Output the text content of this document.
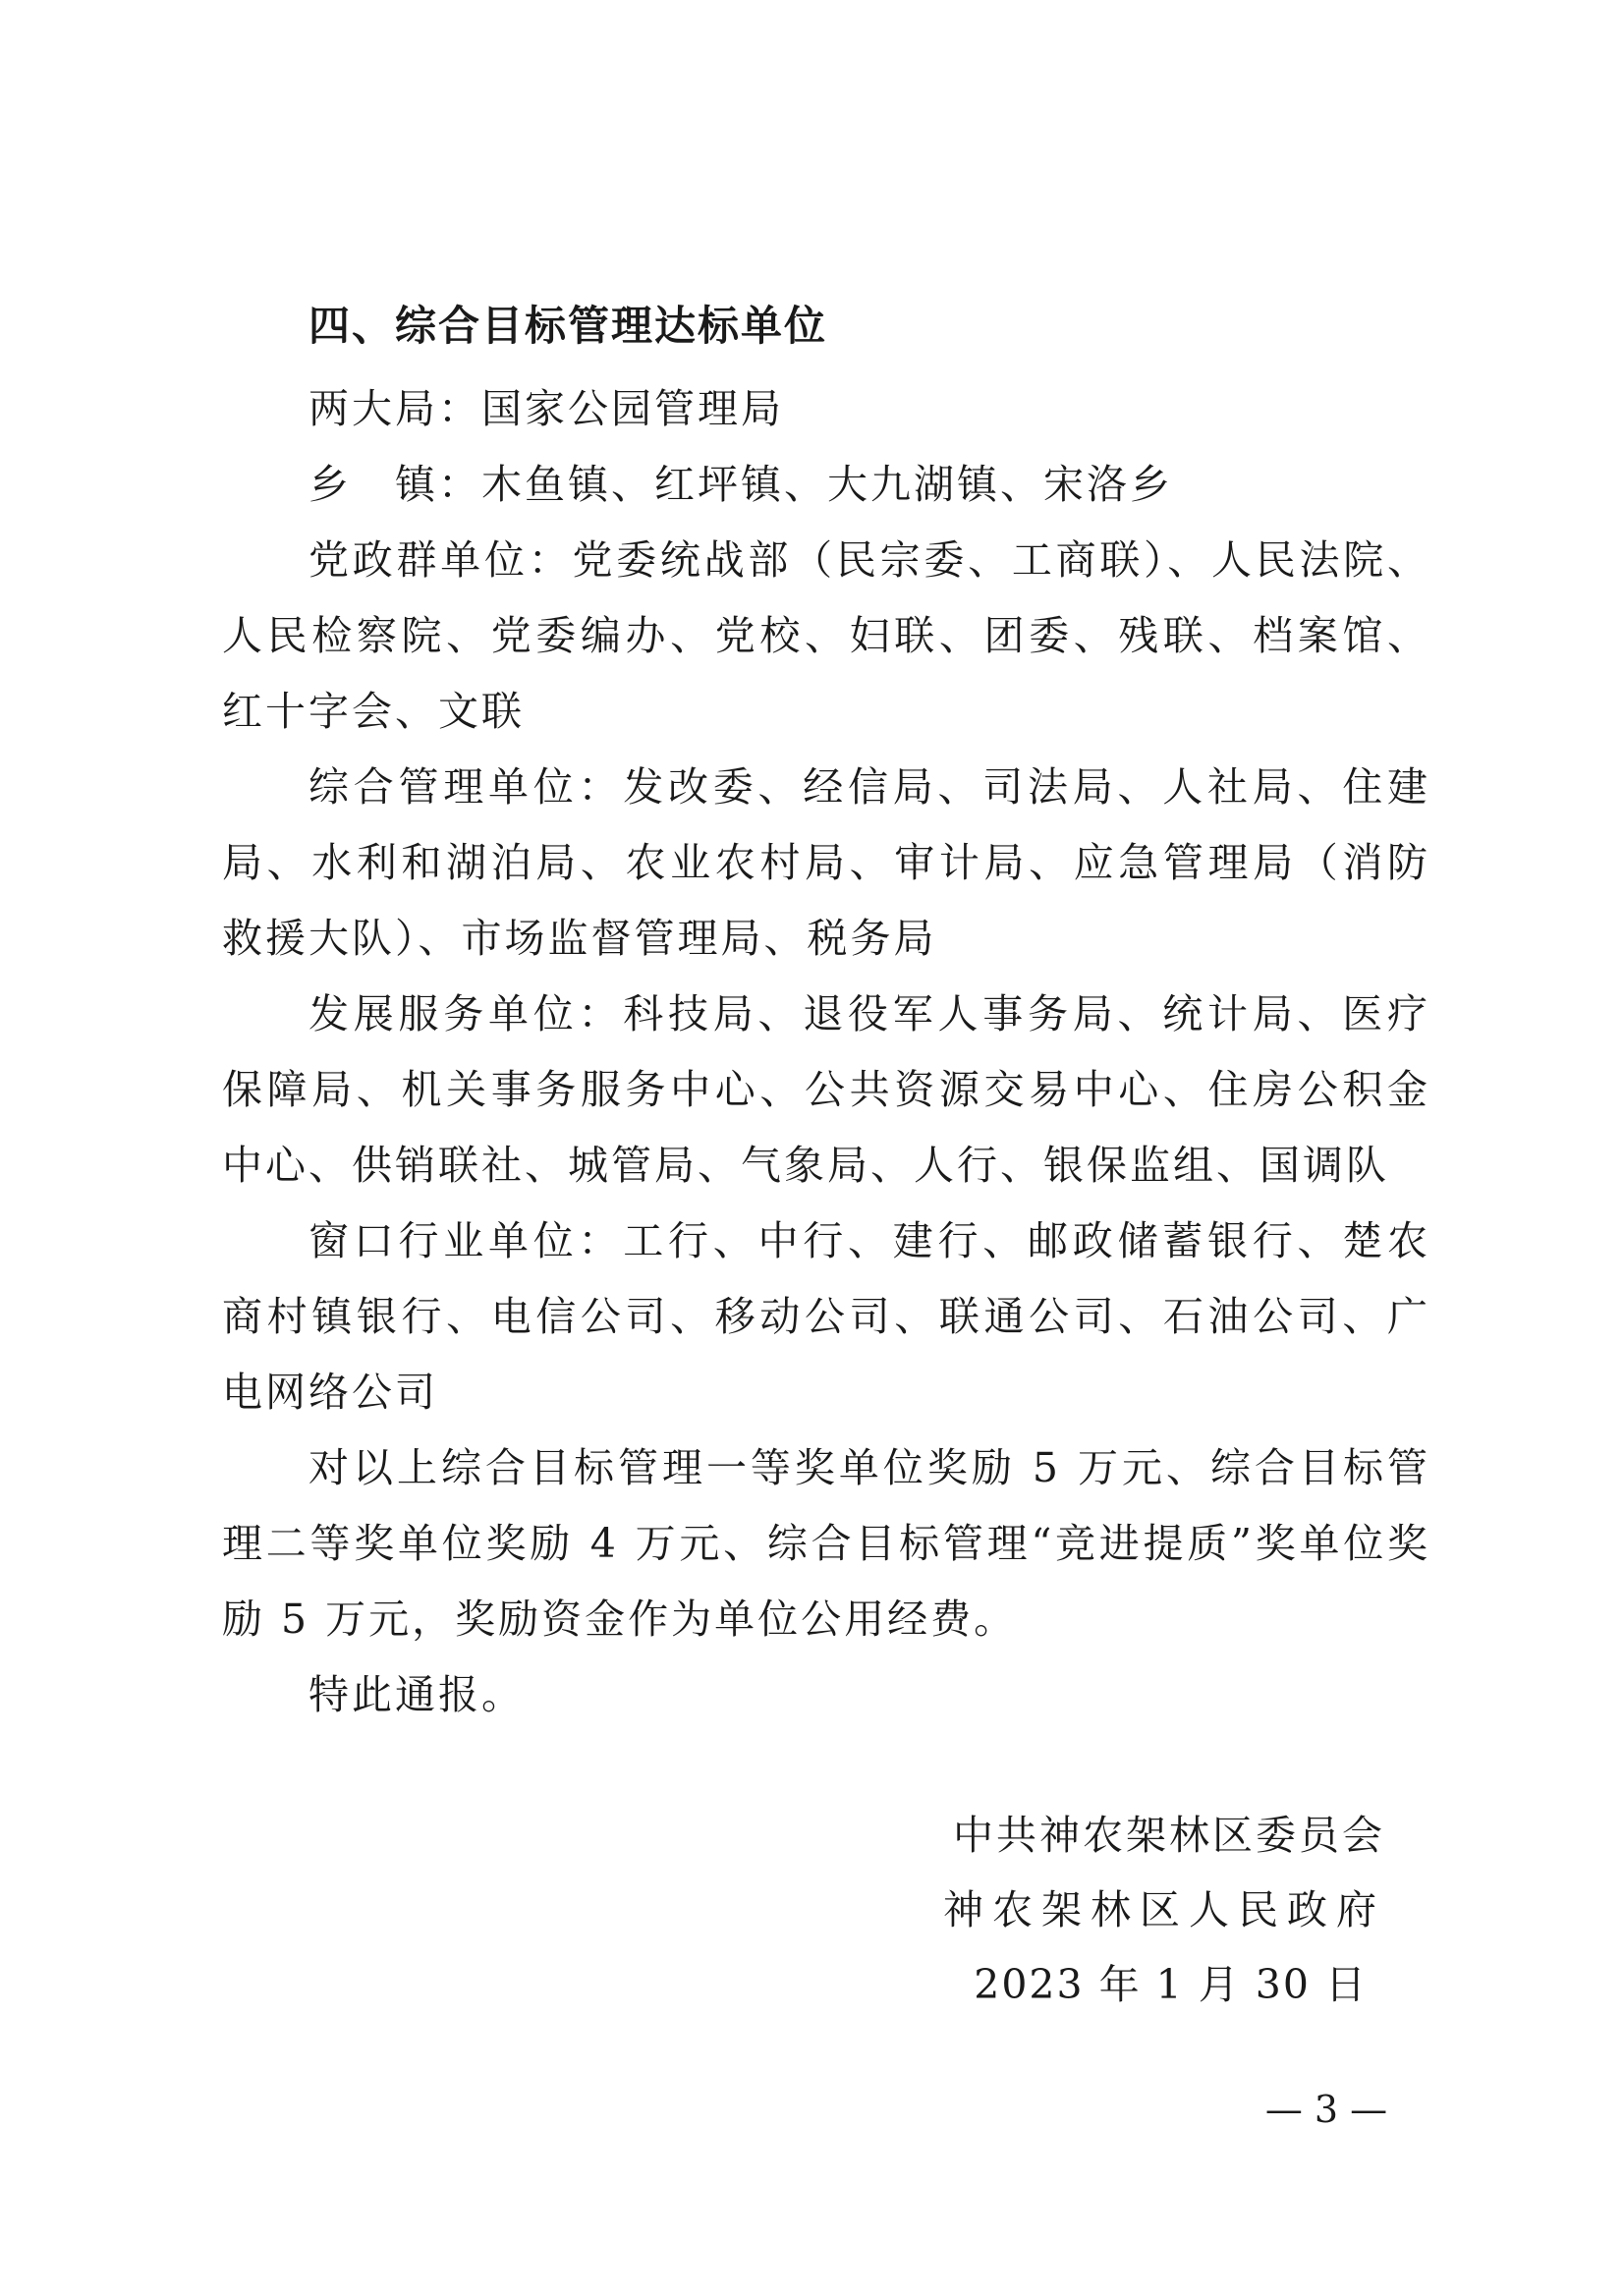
四、综合目标管理达标单位

两大局：国家公园管理局

乡　镇：木鱼镇、红坪镇、大九湖镇、宋洛乡

党政群单位：党委统战部（民宗委、工商联）、人民法院、人民检察院、党委编办、党校、妇联、团委、残联、档案馆、红十字会、文联

综合管理单位：发改委、经信局、司法局、人社局、住建局、水利和湖泊局、农业农村局、审计局、应急管理局（消防救援大队）、市场监督管理局、税务局

发展服务单位：科技局、退役军人事务局、统计局、医疗保障局、机关事务服务中心、公共资源交易中心、住房公积金中心、供销联社、城管局、气象局、人行、银保监组、国调队

窗口行业单位：工行、中行、建行、邮政储蓄银行、楚农商村镇银行、电信公司、移动公司、联通公司、石油公司、广电网络公司

对以上综合目标管理一等奖单位奖励 5 万元、综合目标管理二等奖单位奖励 4 万元、综合目标管理“竞进提质”奖单位奖励 5 万元，奖励资金作为单位公用经费。

特此通报。

中共神农架林区委员会
神农架林区人民政府
2023 年 1 月 30 日
— 3 —
